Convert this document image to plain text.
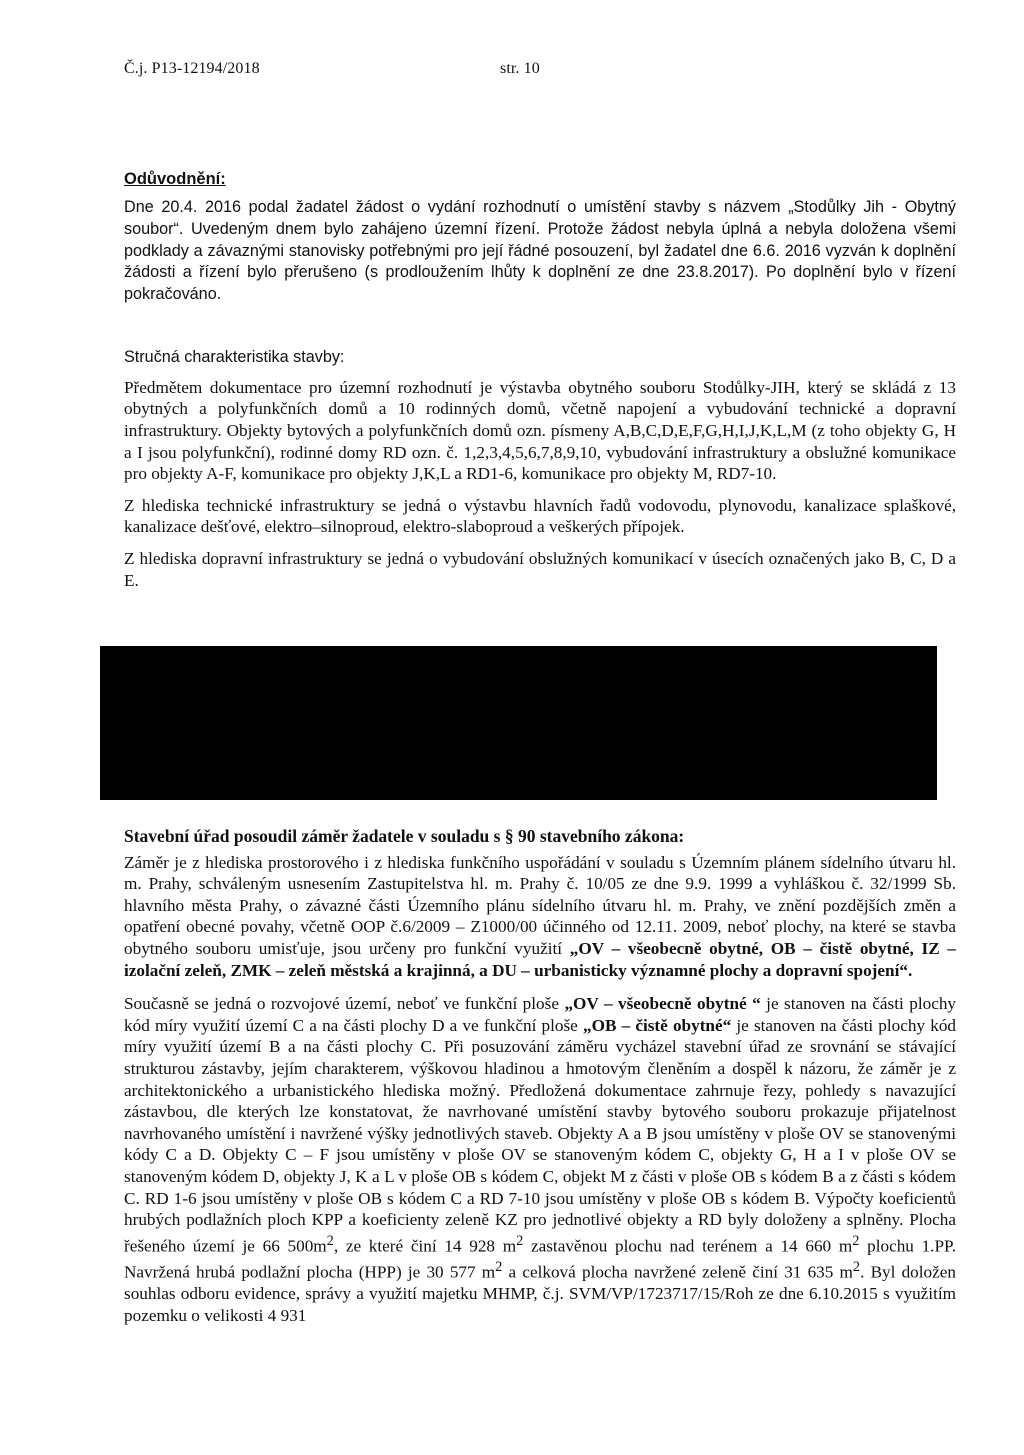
Č.j. P13-12194/2018	str. 10
Odůvodnění:

Dne 20.4. 2016 podal žadatel žádost o vydání rozhodnutí o umístění stavby s názvem „Stodůlky Jih - Obytný soubor“. Uvedeným dnem bylo zahájeno územní řízení. Protože žádost nebyla úplná a nebyla doložena všemi podklady a závaznými stanovisky potřebnými pro její řádné posouzení, byl žadatel dne 6.6. 2016 vyzván k doplnění žádosti a řízení bylo přerušeno (s prodloužením lhůty k doplnění ze dne 23.8.2017). Po doplnění bylo v řízení pokračováno.

Stručná charakteristika stavby:

Předmětem dokumentace pro územní rozhodnutí je výstavba obytného souboru Stodůlky-JIH, který se skládá z 13 obytných a polyfunkčních domů a 10 rodinných domů, včetně napojení a vybudování technické a dopravní infrastruktury. Objekty bytových a polyfunkčních domů ozn. písmeny A,B,C,D,E,F,G,H,I,J,K,L,M (z toho objekty G, H a I jsou polyfunkční), rodinné domy RD ozn. č. 1,2,3,4,5,6,7,8,9,10, vybudování infrastruktury a obslužné komunikace pro objekty A-F, komunikace pro objekty J,K,L a RD1-6, komunikace pro objekty M, RD7-10.

Z hlediska technické infrastruktury se jedná o výstavbu hlavních řadů vodovodu, plynovodu, kanalizace splaškové, kanalizace dešťové, elektro–silnoproud, elektro-slaboproud a veškerých přípojek.

Z hlediska dopravní infrastruktury se jedná o vybudování obslužných komunikací v úsecích označených jako B, C, D a E.

Stavební úřad posoudil záměr žadatele v souladu s § 90 stavebního zákona:

Záměr je z hlediska prostorového i z hlediska funkčního uspořádání v souladu s Územním plánem sídelního útvaru hl. m. Prahy, schváleným usnesením Zastupitelstva hl. m. Prahy č. 10/05 ze dne 9.9. 1999 a vyhláškou č. 32/1999 Sb. hlavního města Prahy, o závazné části Územního plánu sídelního útvaru hl. m. Prahy, ve znění pozdějších změn a opatření obecné povahy, včetně OOP č.6/2009 – Z1000/00 účinného od 12.11. 2009, neboť plochy, na které se stavba obytného souboru umisťuje, jsou určeny pro funkční využití „OV – všeobecně obytné, OB – čistě obytné, IZ – izolační zeleň, ZMK – zeleň městská a krajinná, a DU – urbanisticky významné plochy a dopravní spojení“.

Současně se jedná o rozvojové území, neboť ve funkční ploše „OV – všeobecně obytné “ je stanoven na části plochy kód míry využití území C a na části plochy D a ve funkční ploše „OB – čistě obytné“ je stanoven na části plochy kód míry využití území B a na části plochy C. Při posuzování záměru vycházel stavební úřad ze srovnání se stávající strukturou zástavby, jejím charakterem, výškovou hladinou a hmotovým členěním a dospěl k názoru, že záměr je z architektonického a urbanistického hlediska možný. Předložená dokumentace zahrnuje řezy, pohledy s navazující zástavbou, dle kterých lze konstatovat, že navrhované umístění stavby bytového souboru prokazuje přijatelnost navrhovaného umístění i navržené výšky jednotlivých staveb. Objekty A a B jsou umístěny v ploše OV se stanovenými kódy C a D. Objekty C – F jsou umístěny v ploše OV se stanoveným kódem C, objekty G, H a I v ploše OV se stanoveným kódem D, objekty J, K a L v ploše OB s kódem C, objekt M z části v ploše OB s kódem B a z části s kódem C. RD 1-6 jsou umístěny v ploše OB s kódem C a RD 7-10 jsou umístěny v ploše OB s kódem B. Výpočty koeficientů hrubých podlažních ploch KPP a koeficienty zeleně KZ pro jednotlivé objekty a RD byly doloženy a splněny. Plocha řešeného území je 66 $500m^2$, ze které činí 14 928 $m^2$ zastavěnou plochu nad terénem a 14 660 $m^2$ plochu 1.PP. Navržená hrubá podlažní plocha (HPP) je 30 577 $m^2$ a celková plocha navržené zeleně činí 31 635 $m^2$. Byl doložen souhlas odboru evidence, správy a využití majetku MHMP, č.j. SVM/VP/1723717/15/Roh ze dne 6.10.2015 s využitím pozemku o velikosti 4 931
